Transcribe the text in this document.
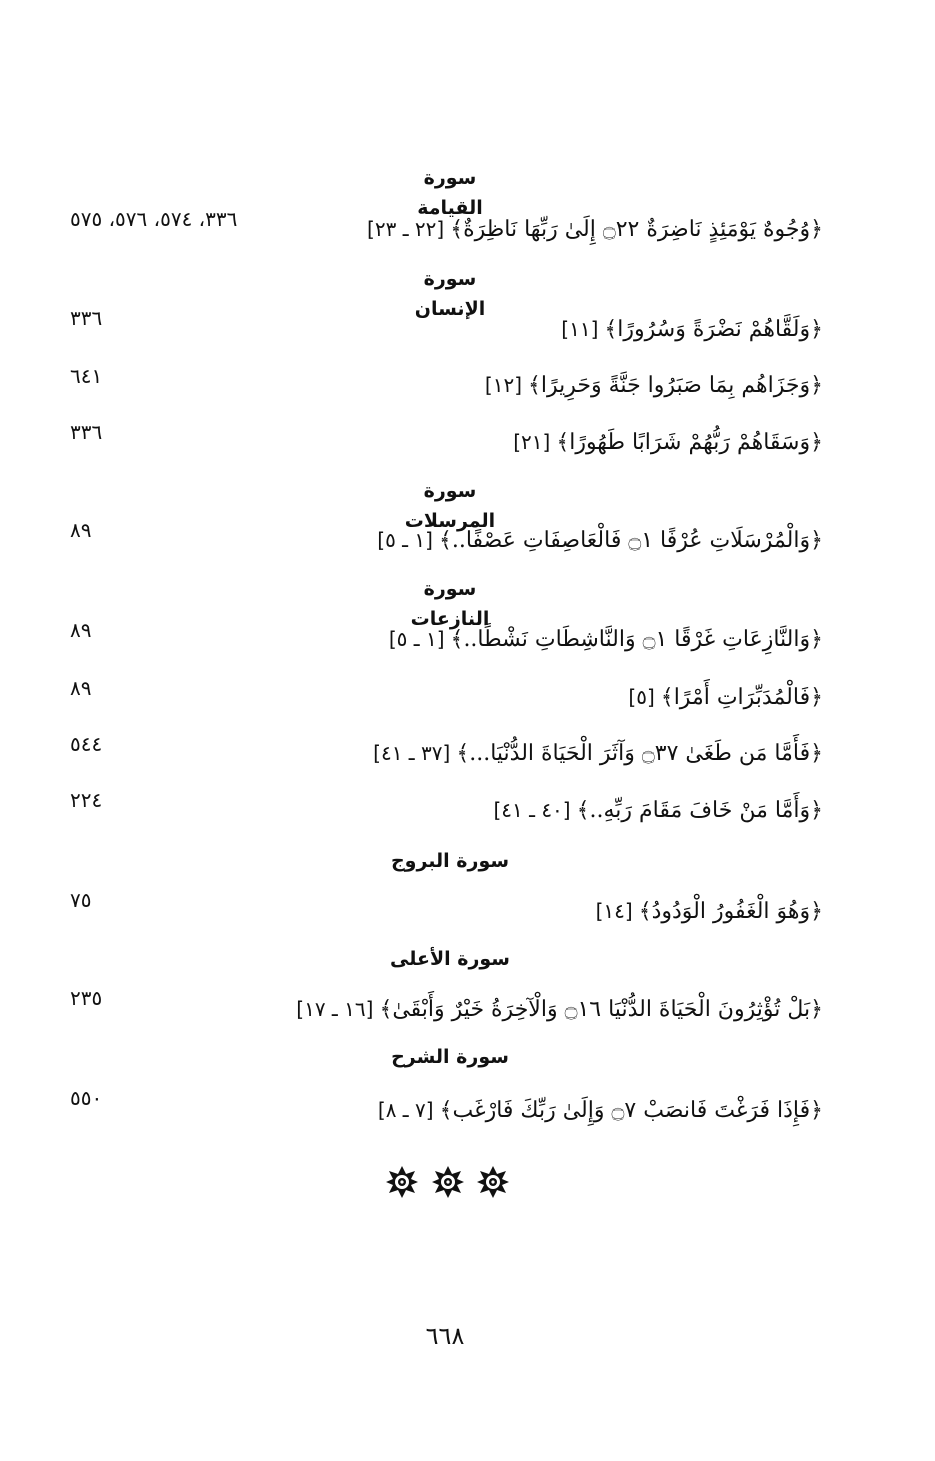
سورة القيامة
﴿وُجُوهٌ يَوْمَئِذٍ نَاضِرَةٌ ۝٢٢ إِلَىٰ رَبِّهَا نَاظِرَةٌ﴾[٢٢ ـ ٢٣]
٣٣٦، ٥٧٤، ٥٧٦، ٥٧٥
سورة الإنسان
﴿وَلَقَّاهُمْ نَضْرَةً وَسُرُورًا﴾[١١]
٣٣٦
﴿وَجَزَاهُم بِمَا صَبَرُوا جَنَّةً وَحَرِيرًا﴾[١٢]
٦٤١
﴿وَسَقَاهُمْ رَبُّهُمْ شَرَابًا طَهُورًا﴾[٢١]
٣٣٦
سورة المرسلات
﴿وَالْمُرْسَلَاتِ عُرْفًا ۝١ فَالْعَاصِفَاتِ عَصْفًا..﴾[١ ـ ٥]
٨٩
سورة النازعات
﴿وَالنَّازِعَاتِ غَرْقًا ۝١ وَالنَّاشِطَاتِ نَشْطًا..﴾[١ ـ ٥]
٨٩
﴿فَالْمُدَبِّرَاتِ أَمْرًا﴾[٥]
٨٩
﴿فَأَمَّا مَن طَغَىٰ ۝٣٧ وَآثَرَ الْحَيَاةَ الدُّنْيَا...﴾[٣٧ ـ ٤١]
٥٤٤
﴿وَأَمَّا مَنْ خَافَ مَقَامَ رَبِّهِ..﴾[٤٠ ـ ٤١]
٢٢٤
سورة البروج
﴿وَهُوَ الْغَفُورُ الْوَدُودُ﴾[١٤]
٧٥
سورة الأعلى
﴿بَلْ تُؤْثِرُونَ الْحَيَاةَ الدُّنْيَا ۝١٦ وَالْآخِرَةُ خَيْرٌ وَأَبْقَىٰ﴾[١٦ ـ ١٧]
٢٣٥
سورة الشرح
﴿فَإِذَا فَرَغْتَ فَانصَبْ ۝٧ وَإِلَىٰ رَبِّكَ فَارْغَب﴾[٧ ـ ٨]
٥٥٠
٦٦٨
